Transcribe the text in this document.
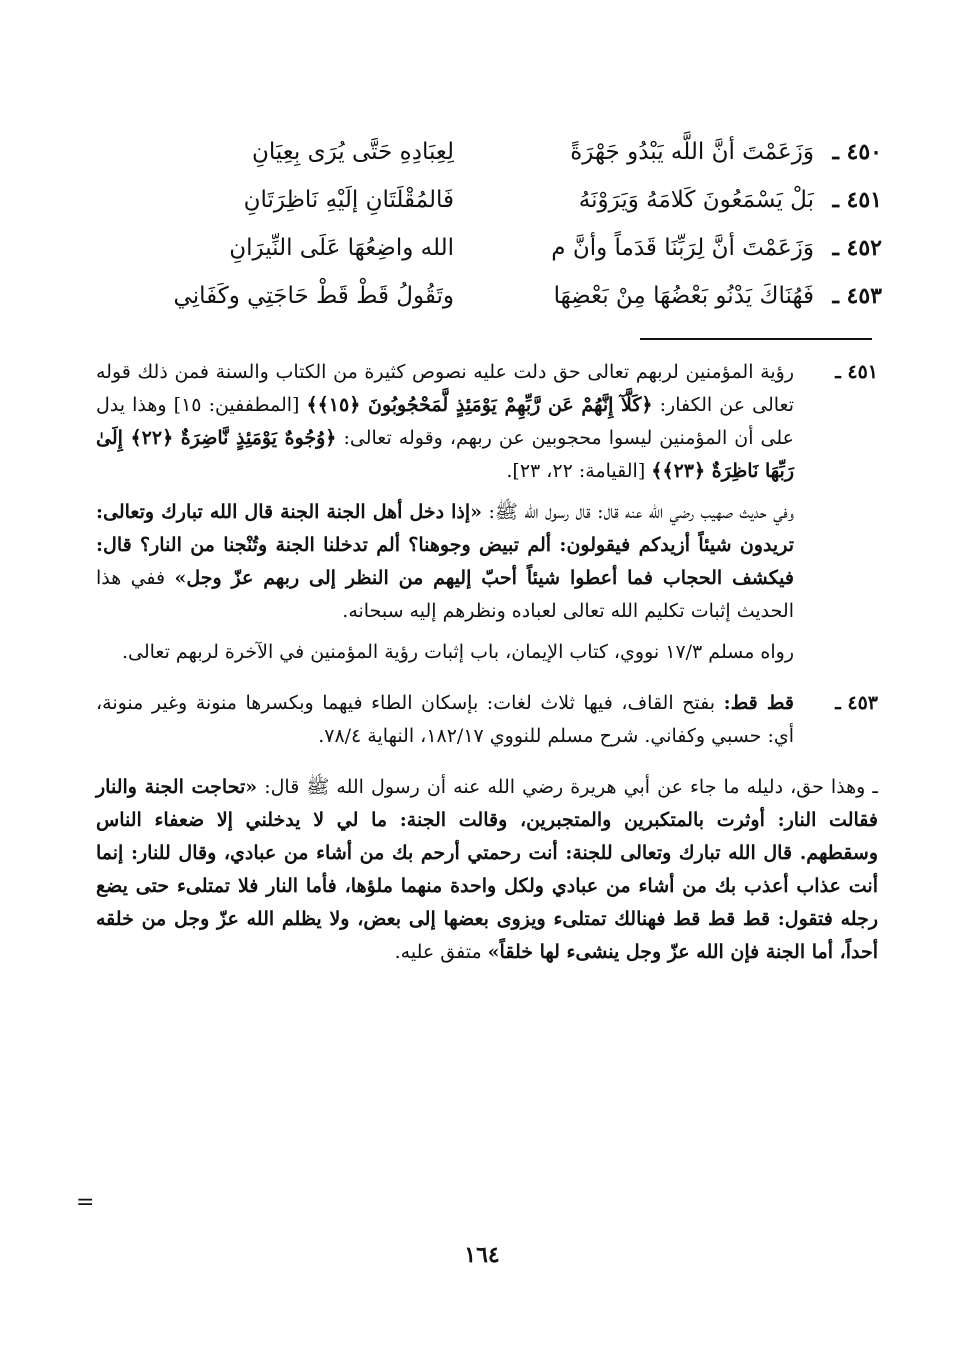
٤٥٠ ـ
وَزَعَمْتَ أنَّ اللَّه يَبْدُو جَهْرَةً
لِعِبَادِهِ حَتَّى يُرَى بِعِيَانِ
٤٥١ ـ
بَلْ يَسْمَعُونَ كَلامَهُ وَيَرَوْنَهُ
فَالمُقْلَتَانِ إلَيْهِ نَاظِرَتَانِ
٤٥٢ ـ
وَزَعَمْتَ أنَّ لِرَبِّنَا قَدَماً وأنَّ م
الله واضِعُهَا عَلَى النِّيرَانِ
٤٥٣ ـ
فَهُنَاكَ يَدْنُو بَعْضُهَا مِنْ بَعْضِهَا
وتَقُولُ قَطْ قَطْ حَاجَتِي وكَفَانِي
٤٥١ ـ

رؤية المؤمنين لربهم تعالى حق دلت عليه نصوص كثيرة من الكتاب والسنة فمن ذلك قوله تعالى عن الكفار: ﴿كَلَّآ إِنَّهُمْ عَن رَّبِّهِمْ يَوْمَئِذٍ لَّمَحْجُوبُونَ ﴿١٥﴾﴾ [المطففين: ١٥] وهذا يدل على أن المؤمنين ليسوا محجوبين عن ربهم، وقوله تعالى: ﴿وُجُوهٌ يَوْمَئِذٍ نَّاضِرَةٌ ﴿٢٢﴾ إِلَىٰ رَبِّهَا نَاظِرَةٌ ﴿٢٣﴾﴾ [القيامة: ٢٢، ٢٣].

وفي حديث صهيب رضي الله عنه قال: قال رسول الله ﷺ: «إذا دخل أهل الجنة الجنة قال الله تبارك وتعالى: تريدون شيئاً أزيدكم فيقولون: ألم تبيض وجوهنا؟ ألم تدخلنا الجنة وتُنْجنا من النار؟ قال: فيكشف الحجاب فما أعطوا شيئاً أحبّ إليهم من النظر إلى ربهم عزّ وجل» ففي هذا الحديث إثبات تكليم الله تعالى لعباده ونظرهم إليه سبحانه.

رواه مسلم ١٧/٣ نووي، كتاب الإيمان، باب إثبات رؤية المؤمنين في الآخرة لربهم تعالى.

٤٥٣ ـ

قط قط: بفتح القاف، فيها ثلاث لغات: بإسكان الطاء فيهما وبكسرها منونة وغير منونة، أي: حسبي وكفاني. شرح مسلم للنووي ١٨٢/١٧، النهاية ٧٨/٤.

ـ وهذا حق، دليله ما جاء عن أبي هريرة رضي الله عنه أن رسول الله ﷺ قال: «تحاجت الجنة والنار فقالت النار: أوثرت بالمتكبرين والمتجبرين، وقالت الجنة: ما لي لا يدخلني إلا ضعفاء الناس وسقطهم. قال الله تبارك وتعالى للجنة: أنت رحمتي أرحم بك من أشاء من عبادي، وقال للنار: إنما أنت عذاب أعذب بك من أشاء من عبادي ولكل واحدة منهما ملؤها، فأما النار فلا تمتلىء حتى يضع رجله فتقول: قط قط قط فهنالك تمتلىء ويزوى بعضها إلى بعض، ولا يظلم الله عزّ وجل من خلقه أحداً، أما الجنة فإن الله عزّ وجل ينشىء لها خلقاً» متفق عليه.

=
١٦٤
